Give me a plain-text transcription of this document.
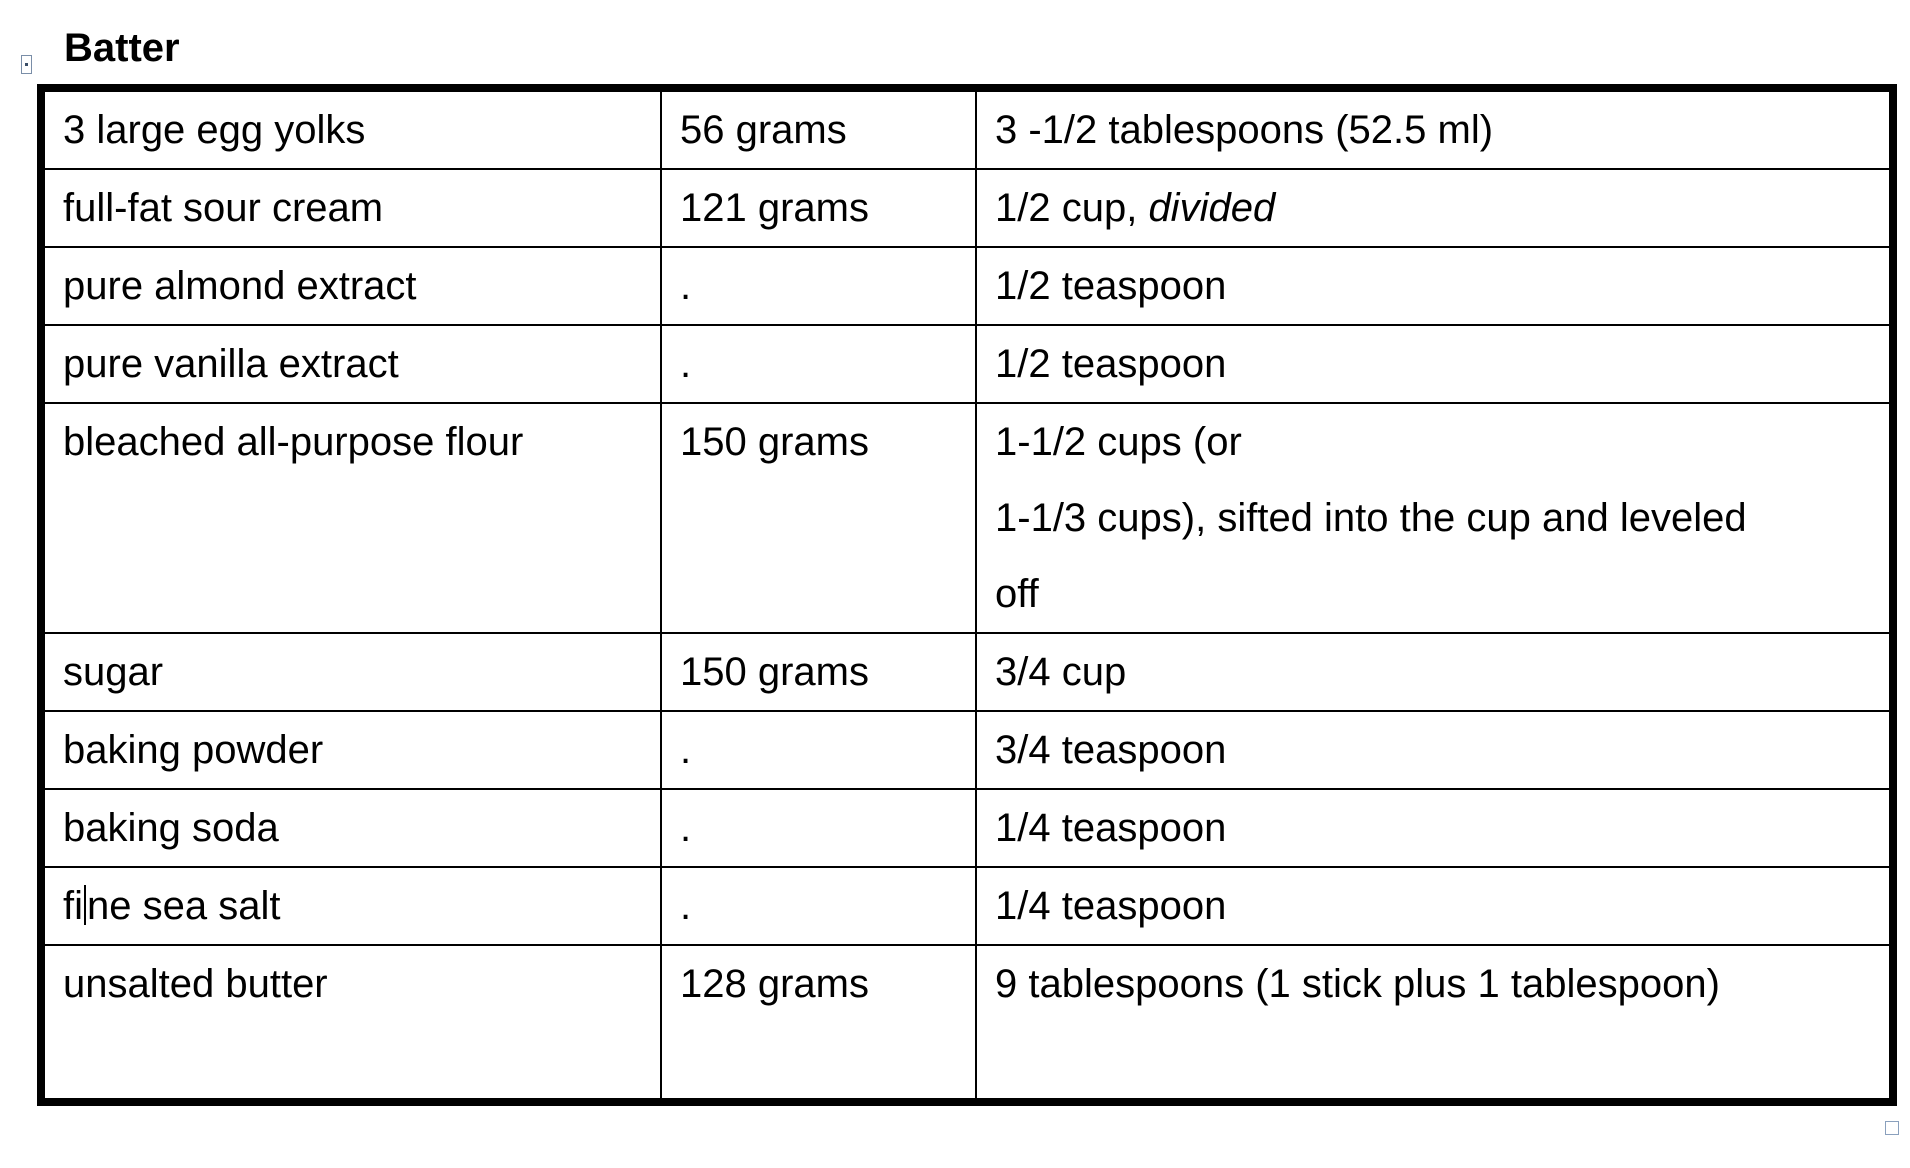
Batter
3 large egg yolks	56 grams	3 -1/2 tablespoons (52.5 ml)
full-fat sour cream	121 grams	1/2 cup, divided
pure almond extract	.	1/2 teaspoon
pure vanilla extract	.	1/2 teaspoon
bleached all-purpose flour	150 grams	1-1/2 cups (or
1-1/3 cups), sifted into the cup and leveled
off

sugar	150 grams	3/4 cup
baking powder	.	3/4 teaspoon
baking soda	.	1/4 teaspoon
fi ne sea salt	.	1/4 teaspoon
unsalted butter	128 grams	9 tablespoons (1 stick plus 1 tablespoon)
